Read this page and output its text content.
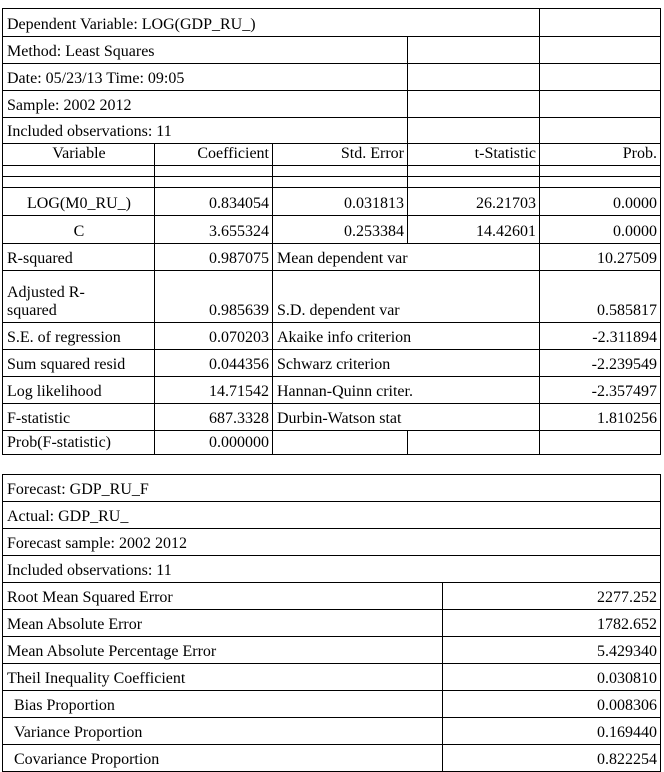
Dependent Variable: LOG(GDP_RU_)				
Method: Least Squares				
Date: 05/23/13 Time: 09:05				
Sample: 2002 2012				
Included observations: 11				
Variable	Coefficient	Std. Error	t-Statistic	Prob.

LOG(M0_RU_)	0.834054	0.031813	26.21703	0.0000
C	3.655324	0.253384	14.42601	0.0000
R-squared	0.987075	Mean dependent var		10.27509
Adjusted R-squared	0.985639	S.D. dependent var		0.585817
S.E. of regression	0.070203	Akaike info criterion		-2.311894
Sum squared resid	0.044356	Schwarz criterion		-2.239549
Log likelihood	14.71542	Hannan-Quinn criter.		-2.357497
F-statistic	687.3328	Durbin-Watson stat		1.810256
Prob(F-statistic)	0.000000			
Forecast: GDP_RU_F	
Actual: GDP_RU_	
Forecast sample: 2002 2012	
Included observations: 11	
Root Mean Squared Error	2277.252
Mean Absolute Error	1782.652
Mean Absolute Percentage Error	5.429340
Theil Inequality Coefficient	0.030810
Bias Proportion	0.008306
Variance Proportion	0.169440
Covariance Proportion	0.822254
